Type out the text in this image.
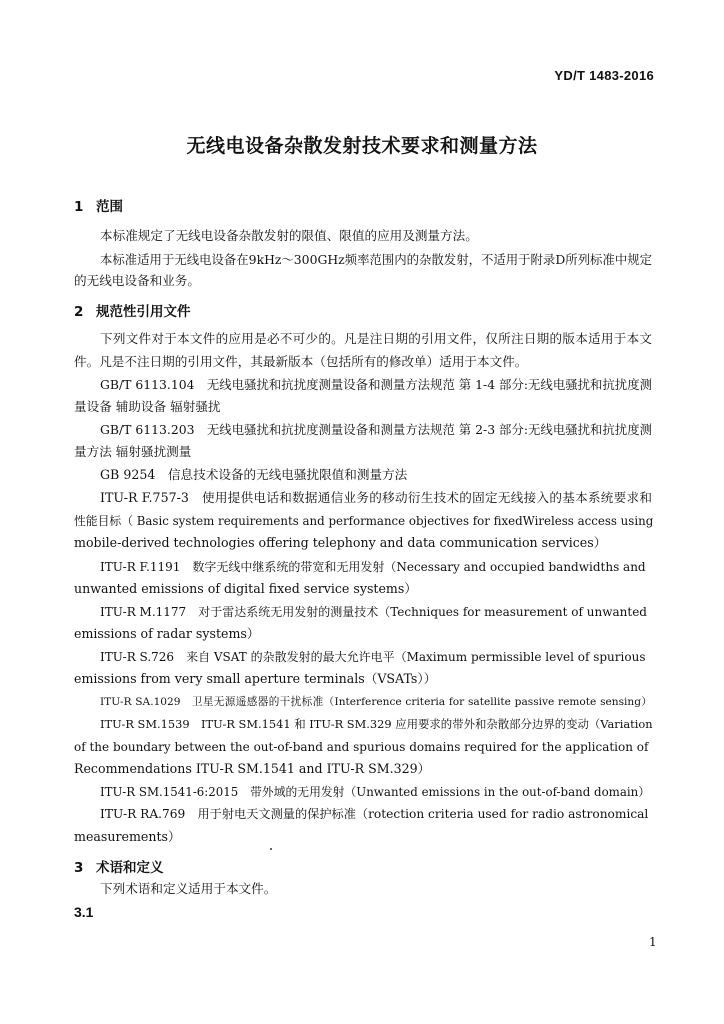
YD/T 1483-2016
无线电设备杂散发射技术要求和测量方法
1 范围
本标准规定了无线电设备杂散发射的限值、限值的应用及测量方法。
本标准适用于无线电设备在9kHz～300GHz频率范围内的杂散发射，不适用于附录D所列标准中规定
的无线电设备和业务。
2 规范性引用文件
下列文件对于本文件的应用是必不可少的。凡是注日期的引用文件，仅所注日期的版本适用于本文
件。凡是不注日期的引用文件，其最新版本（包括所有的修改单）适用于本文件。
GB/T 6113.104　无线电骚扰和抗扰度测量设备和测量方法规范 第 1-4 部分:无线电骚扰和抗扰度测
量设备 辅助设备 辐射骚扰
GB/T 6113.203　无线电骚扰和抗扰度测量设备和测量方法规范 第 2-3 部分:无线电骚扰和抗扰度测
量方法 辐射骚扰测量
GB 9254　信息技术设备的无线电骚扰限值和测量方法
ITU-R F.757-3　使用提供电话和数据通信业务的移动衍生技术的固定无线接入的基本系统要求和
性能目标（ Basic system requirements and performance objectives for fixedWireless access using
mobile-derived technologies offering telephony and data communication services）
ITU-R F.1191　数字无线中继系统的带宽和无用发射（Necessary and occupied bandwidths and
unwanted emissions of digital fixed service systems）
ITU-R M.1177　对于雷达系统无用发射的测量技术（Techniques for measurement of unwanted
emissions of radar systems）
ITU-R S.726　来自 VSAT 的杂散发射的最大允许电平（Maximum permissible level of spurious
emissions from very small aperture terminals（VSATs））
ITU-R SA.1029　卫星无源遥感器的干扰标准（Interference criteria for satellite passive remote sensing）
ITU-R SM.1539　ITU-R SM.1541 和 ITU-R SM.329 应用要求的带外和杂散部分边界的变动（Variation
of the boundary between the out-of-band and spurious domains required for the application of
Recommendations ITU-R SM.1541 and ITU-R SM.329）
ITU-R SM.1541-6:2015　带外域的无用发射（Unwanted emissions in the out-of-band domain）
ITU-R RA.769　用于射电天文测量的保护标准（rotection criteria used for radio astronomical
measurements）
3 术语和定义
下列术语和定义适用于本文件。
3.1
1
